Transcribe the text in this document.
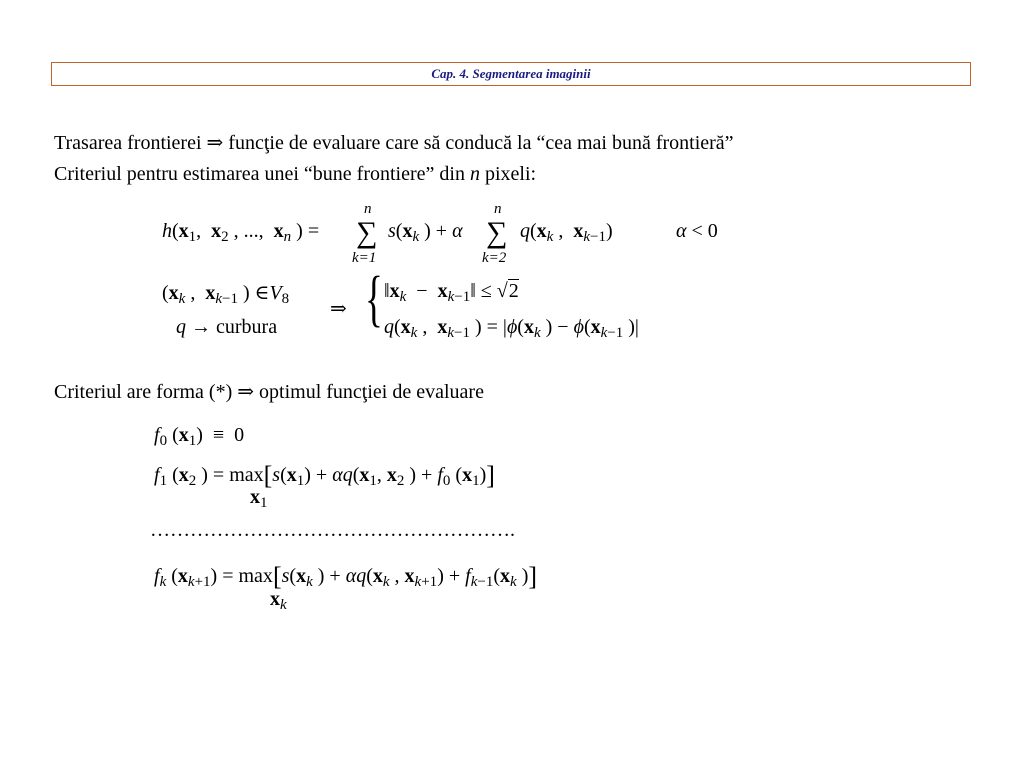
Cap. 4. Segmentarea imaginii
Trasarea frontierei ⇒ funcţie de evaluare care să conducă la “cea mai bună frontieră”
Criteriul pentru estimarea unei “bune frontiere” din n pixeli:
$h(x_1$,  $x_2$ , ...,  $x_n$ ) =
n
∑
k=1
$s(x_k$ ) + α
n
∑
k=2
$q(x_k$ ,  $x_{k-1}$)	α < 0
($x_k$ ,  $x_{k-1}$ ) $\in V_8$
q → curbura
⇒ { $‖x_k$  −  $x_{k-1}‖ \le √2$
$q(x_k$ ,  $x_{k-1}$ ) = $|\phi(x_k$ ) − $\phi(x_{k-1}$ )|
Criteriul are forma (*) ⇒ optimul funcţiei de evaluare
$f_0$ $(x_1) \equiv 0$
$f_1$ ($x_2$ ) = $\max[s(x_1) + \alpha q(x_1$, $x_2$ ) + $f_0$ $(x_1)$]
$x_1$
……………………………………………….
$f_k$ $(x_{k+1}) = \max[s(x_k$ ) + $\alpha q(x_k$ , $x_{k+1}) + f_{k-1}(x_k$ )]
$x_k$
